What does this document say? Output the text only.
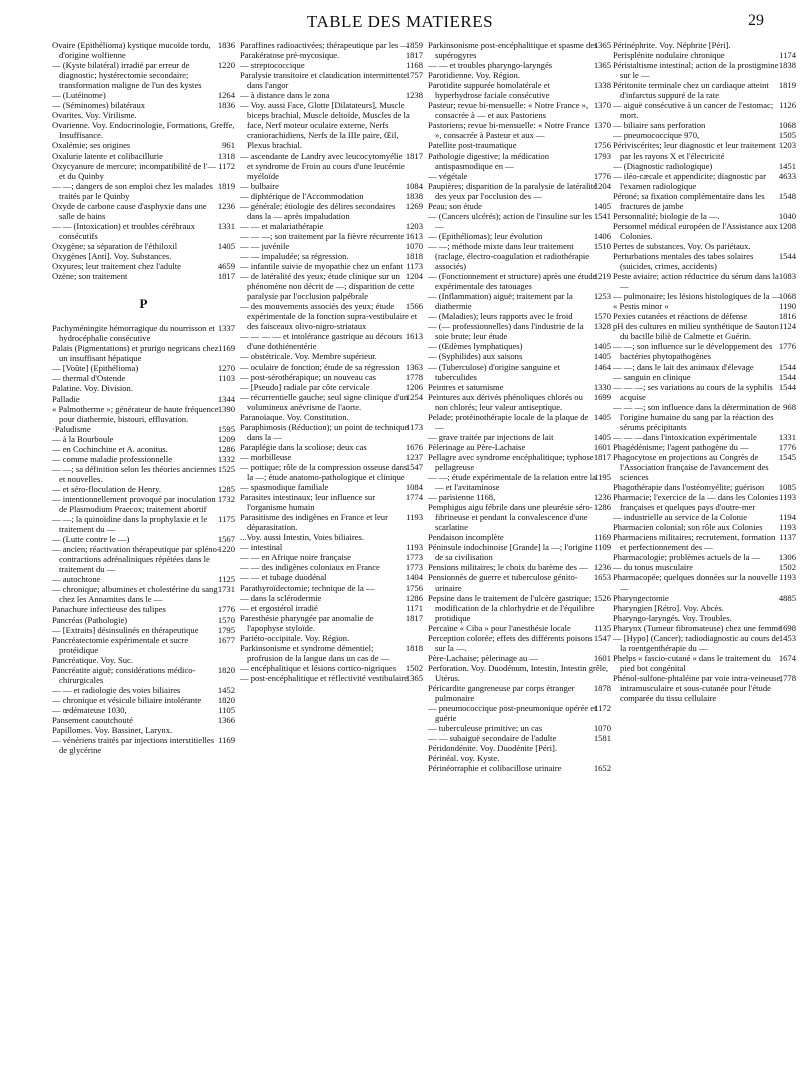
TABLE DES MATIERES	29

1836
Ovaire (Epithélioma) kystique mucoïde tordu, d'origine wolfienne

1220
— (Kyste bilatéral) irradié par erreur de diagnostic; hystérectomie secondaire; transformation maligne de l'un des kystes

1264
— (Lutéinome)

1836
— (Séminomes) bilatéraux

Ovarites. Voy. Virilisme.

Ovarienne. Voy. Endocrinologie, Formations, Greffe, Insuffisance.

961
Oxalémie; ses origines

1318
Oxalurie latente et colibacillurie

1172
Oxycyanure de mercure; incompatibilité de l'— et du Quinby

1819
— —; dangers de son emploi chez les malades traités par le Quinby

1236
Oxyde de carbone cause d'asphyxie dans une salle de bains

1331
— — (Intoxication) et troubles cérébraux consécutifs

1405
Oxygène; sa séparation de l'éthiloxil

Oxygènes [Anti]. Voy. Substances.

4659
Oxyures; leur traitement chez l'adulte

1817
Ozène; son traitement

P

1337
Pachyméningite hémorragique du nourrisson et hydrocéphalie consécutive

1169
Palais (Pigmentations) et prurigo negricans chez un insuffisant hépatique

1270
— [Voûte] (Epithélioma)

1103
— thermal d'Ostende

Palatine. Voy. Division.

1344
Palladie

1390
« Palmotherme »; générateur de haute fréquence pour diathermie, bistouri, effluvation.

1595
·Paludisme

1209
— à la Bourboule

1286
— en Cochinchine et A. aconitus.

1332
— comme maladie professionnelle

1525
— —; sa définition selon les théories anciennes et nouvelles.

1285
— et séro-floculation de Henry.

1732
— intentionnellement provoqué par inoculation de Plasmodium Praecox; traitement abortif

1175
— —; la quinoïdine dans la prophylaxie et le traitement du —

1567
— (Lutte contre le —)

1220
— ancien; réactivation thérapeutique par spléno-contractions adrénaliniques répétées dans le traitement du —

1125
— autochtone

1731
— chronique; albumines et cholestérine du sang chez les Annamites dans le —

1776
Panachure infectieuse des tulipes

1570
Pancréas (Pathologie)

1795
— [Extraits] désinsulinés en thérapeutique

1677
Pancréatectomie expérimentale et sucre protéidique

Pancréatique. Voy. Suc.

1820
Pancréatite aiguë; considérations médico-chirurgicales

1452
— — et radiologie des voies biliaires

1820
— chronique et vésicule biliaire intolérante

1105
— œdémateuse 1030,

1366
Pansement caoutchouté

Papillomes. Voy. Bassinet, Larynx.

1169
— vénériens traités par injections interstitielles de glycérine

1859
Paraffines radioactivées; thérapeutique par les —

1817
Parakératose pré-mycosique.

1168
— streptococcique

1757
Paralysie transitoire et claudication intermittente dans l'angor

1238
— à distance dans le zona

— Voy. aussi Face, Glotte [Dilatateurs], Muscle biceps brachial, Muscle deltoïde, Muscles de la face, Nerf moteur oculaire externe, Nerfs craniorachidiens, Nerfs de la IIIe paire, Œil, Plexus brachial.

1817
— ascendante de Landry avec leucocytomyélie et syndrome de Froin au cours d'une leucémie myéloïde

1084
— bulbaire

1838
— diphtérique de l'Accommodation

1269
— générale; étiologie des délires secondaires dans la — après impaludation

1203
— — et malariathérapie

1613
— — —; son traitement par la fièvre récurrente

1070
— — juvénile

1818
— — impaludée; sa régression.

1173
— infantile suivie de myopathie chez un enfant

1204
— de latéralité des yeux; étude clinique sur un phénomène non décrit de —; disparition de cette paralysie par l'occlusion palpébrale

1566
— des mouvements associés des yeux; étude expérimentale de la fonction supra-vestibulaire et des faisceaux olivo-nigro-striataux

1613
— — — — et intolérance gastrique au décours d'une dothiénentérie

— obstétricale. Voy. Membre supérieur.

1363
— oculaire de fonction; étude de sa régression

1778
— post-sérothérapique; un nouveau cas

1206
— [Pseudo] radiale par côte cervicale

1254
— récurrentielle gauche; seul signe clinique d'un volumineux anévrisme de l'aorte.

Paranoïaque. Voy. Constitution.

1173
Paraphimosis (Réduction); un point de technique dans la —

1676
Paraplégie dans la scoliose; deux cas

1237
— morbilleuse

1547
— pottique; rôle de la compression osseuse dans la —; étude anatomo-pathologique et clinique

1084
— spasmodique familiale

1774
Parasites intestinaux; leur influence sur l'organisme humain

1193
Parasitisme des indigènes en France et leur déparasitation.

...Voy. aussi Intestin, Voies biliaires.

1193
— intestinal

1773
— — en Afrique noire française

1773
— — des indigènes coloniaux en France

1404
— — et tubage duodénal

1756
Parathyroïdectomie; technique de la —

1286
— dans la sclérodermie

1171
— et ergostérol irradié

1817
Paresthésie pharyngée par anomalie de l'apophyse styloïde.

Pariéto-occipitale. Voy. Région.

1818
Parkinsonisme et syndrome démentiel; profrusion de la langue dans un cas de —

1502
— encéphalitique et lésions cortico-nigriques

1365
— post-encéphalitique et réflectivité vestibulaire

1365
Parkinsonisme post-encéphalitique et spasme des supérogyres

1365
— — et troubles pharyngo-laryngés

Parotidienne. Voy. Région.

1338
Parotidite suppurée homolatérale et hyperhydrose faciale consécutive

1370
Pasteur; revue bi-mensuelle: « Notre France », consacrée à — et aux Pastoriens

1370
Pastoriens; revue bi-mensuelle: « Notre France », consacrée à Pasteur et aux —

1756
Patellite post-traumatique

1793
Pathologie digestive; la médication antispasmodique en —

1776
— végétale

1204
Paupières; disparition de la paralysie de latéralité des yeux par l'occlusion des —

1405
Peau; son étude

1541
— (Cancers ulcérés); action de l'insuline sur les —

1406
— (Epithéliomas); leur évolution

1510
— —; méthode mixte dans leur traitement (raclage, électro-coagulation et radiothérapie associés)

1219
— (Fonctionnement et structure) après une étude expérimentale des tatouages

1253
— (Inflammation) aiguë; traitement par la diathermie

1570
— (Maladies); leurs rapports avec le froid

1328
— (— professionnelles) dans l'industrie de la soie brute; leur étude

1405
— (Œdèmes lymphatiques)

1405
— (Syphilides) aux saisons

1464
— (Tuberculose) d'origine sanguine et tuberculides

1330
Peintres et saturnisme

1699
Peintures aux dérivés phénoliques chlorés ou non chlorés; leur valeur antiseptique.

1405
Pelade; protéinothérapie locale de la plaque de —

1405
— grave traitée par injections de lait

1601
Pèlerinage au Père-Lachaise

1817
Pellagre avec syndrome encéphalitique; typhose pellagreuse

1195
— —; étude expérimentale de la relation entre la — et l'avitaminose

1236
— parisienne 1168,

1286
Pemphigus aigu fébrile dans une pleurésie séro-fibrineuse et pendant la convalescence d'une scarlatine

1169
Pendaison incomplète

1109
Péninsule indochinoise [Grande] la —; l'origine de sa civilisation

1236
Pensions militaires; le choix du barème des —

1653
Pensionnés de guerre et tuberculose génito-urinaire

1526
Pepsine dans le traitement de l'ulcère gastrique; modification de la chlorhydrie et de l'équilibre protidique

1135
Percaïne « Ciba » pour l'anesthésie locale

1547
Perception colorée; effets des différents poisons sur la —.

1601
Père-Lachaise; pèlerinage au —

Perforation. Voy. Duodénum, Intestin, Intestin grêle, Utérus.

1878
Péricardite gangreneuse par corps étranger pulmonaire

1172
— pneumococcique post-pneumonique opérée et guérie

1070
— tuberculeuse primitive; un cas

1581
— — subaiguë secondaire de l'adulte

Péridondénite. Voy. Duodénite [Péri].

Périnéal. voy. Kyste.

1652
Périnéorraphie et colibacillose urinaire

Périnéphrite. Voy. Néphrite [Péri].

1174
Perisplénite nodulaire chronique

1838
Péristaltisme intestinal; action de la prostigmine sur le —

1819
Péritonite terminale chez un cardiaque atteint d'infarctus suppuré de la rate

1126
— aiguë consécutive à un cancer de l'estomac; mort.

1068
— biliaire sans perforation

1505
— pneumococcique 970,

1203
Périviscérites; leur diagnostic et leur traitement par les rayons X et l'électricité

1451
— (Diagnostic radiologique)

4633
— iléo-cæcale et appendicite; diagnostic par l'examen radiologique

1548
Péroné; sa fixation complémentaire dans les fractures de jambe

1040
Personnalité; biologie de la —.

1208
Personnel médical européen de l'Assistance aux Colonies.

Pertes de substances. Voy. Os pariétaux.

1544
Perturbations mentales des tabes solaires (suicides, crimes, accidents)

1083
Peste aviaire; action réductrice du sérum dans la —

1068
— pulmonaire; les lésions histologiques de la —

1190
« Pestis minor »

1816
Pexies cutanées et réactions de défense

1124
pH des cultures en milieu synthétique de Sauton du bacille biliè de Calmette et Guérin.

1776
— —; son influence sur le développement des bactéries phytopathogènes

1544
— —; dans le lait des animaux d'élevage

1544
— sanguin en clinique

1544
— — —; ses variations au cours de la syphilis acquise

968
— — —; son influence dans la détermination de l'origine humaine du sang par la réaction des sérums précipitants

1331
— — —dans l'intoxication expérimentale

1776
Phagédénisme; l'agent pathogène du —

1545
Phagocytose en projections au Congrès de l'Association française de l'avancement des sciences

1085
Phagothérapie dans l'ostéomyélite; guérison

1193
Pharmacie; l'exercice de la — dans les Colonies françaises et quelques pays d'outre-mer

1194
— industrielle au service de la Colonie

1193
Pharmacien colonial; son rôle aux Colonies

1137
Pharmaciens militaires; recrutement, formation et perfectionnement des —

1306
Pharmacologie; problèmes actuels de la —

1502
— du tonus musculaire

1193
Pharmacopée; quelques données sur la nouvelle —

4885
Pharyngectomie

Pharyngien [Rétro]. Voy. Abcès.

Pharyngo-laryngés. Voy. Troubles.

1698
Pharynx (Tumeur fibromateuse) chez une femme

1453
— [Hypo] (Cancer); radiodiagnostic au cours de la roentgenthérapie du —

1674
Phelps « fascio-cutané » dans le traitement du pied bot congénital

1778
Phénol-sulfone-phtaléine par voie intra-veineuse, intramusculaire et sous-cutanée pour l'étude comparée du tissu cellulaire
